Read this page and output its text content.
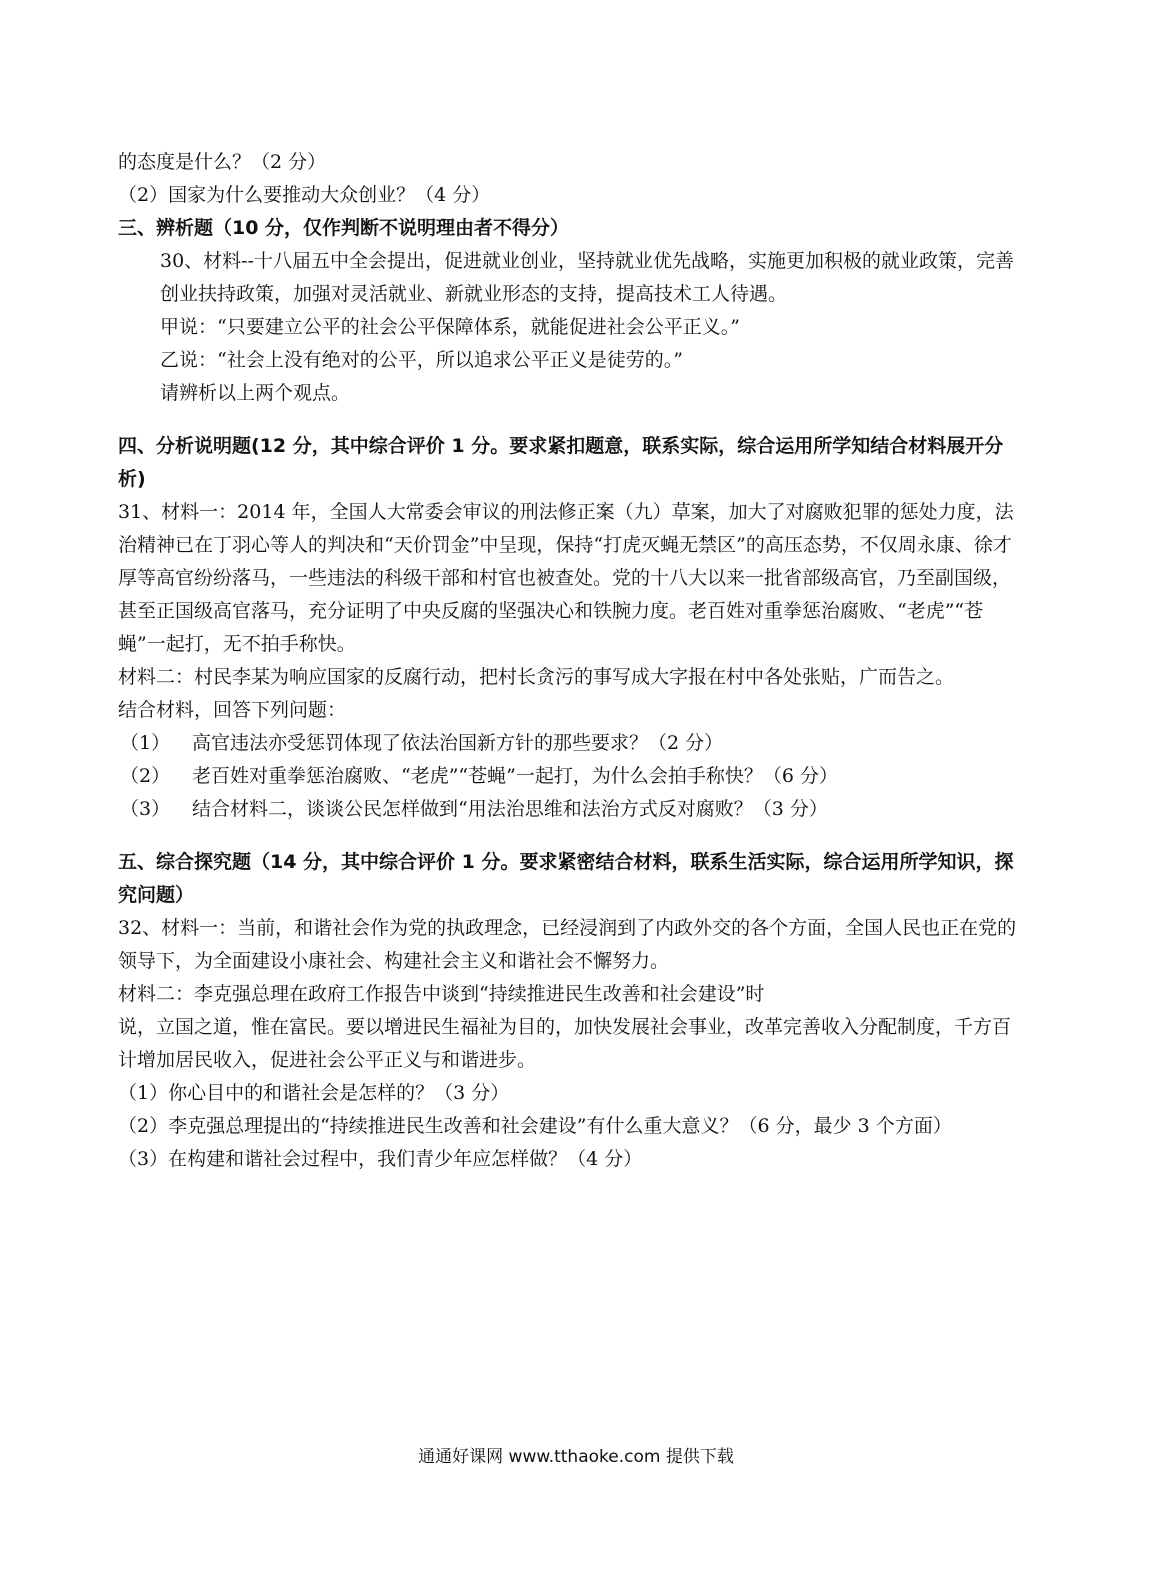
的态度是什么？（2 分）
（2）国家为什么要推动大众创业？（4 分）
三、辨析题（10 分，仅作判断不说明理由者不得分）
30、材料--十八届五中全会提出，促进就业创业，坚持就业优先战略，实施更加积极的就业政策，完善创业扶持政策，加强对灵活就业、新就业形态的支持，提高技术工人待遇。
甲说：“只要建立公平的社会公平保障体系，就能促进社会公平正义。”
乙说：“社会上没有绝对的公平，所以追求公平正义是徒劳的。”
请辨析以上两个观点。
四、分析说明题(12 分，其中综合评价 1 分。要求紧扣题意，联系实际，综合运用所学知结合材料展开分析)
31、材料一：2014 年，全国人大常委会审议的刑法修正案（九）草案，加大了对腐败犯罪的惩处力度，法治精神已在丁羽心等人的判决和“天价罚金”中呈现，保持“打虎灭蝇无禁区”的高压态势，不仅周永康、徐才厚等高官纷纷落马，一些违法的科级干部和村官也被查处。党的十八大以来一批省部级高官，乃至副国级，甚至正国级高官落马，充分证明了中央反腐的坚强决心和铁腕力度。老百姓对重拳惩治腐败、“老虎”“苍蝇”一起打，无不拍手称快。
材料二：村民李某为响应国家的反腐行动，把村长贪污的事写成大字报在村中各处张贴，广而告之。
结合材料，回答下列问题：
（1）	高官违法亦受惩罚体现了依法治国新方针的那些要求？（2 分）
（2）	老百姓对重拳惩治腐败、“老虎”“苍蝇”一起打，为什么会拍手称快？（6 分）
（3）	结合材料二，谈谈公民怎样做到“用法治思维和法治方式反对腐败？（3 分）
五、综合探究题（14 分，其中综合评价 1 分。要求紧密结合材料，联系生活实际，综合运用所学知识，探究问题）
32、材料一：当前，和谐社会作为党的执政理念，已经浸润到了内政外交的各个方面，全国人民也正在党的领导下，为全面建设小康社会、构建社会主义和谐社会不懈努力。
材料二：李克强总理在政府工作报告中谈到“持续推进民生改善和社会建设”时
说，立国之道，惟在富民。要以增进民生福祉为目的，加快发展社会事业，改革完善收入分配制度，千方百计增加居民收入，促进社会公平正义与和谐进步。
（1）你心目中的和谐社会是怎样的？（3 分）
（2）李克强总理提出的“持续推进民生改善和社会建设”有什么重大意义？（6 分，最少 3 个方面）
（3）在构建和谐社会过程中，我们青少年应怎样做？（4 分）
通通好课网 www.tthaoke.com 提供下载
